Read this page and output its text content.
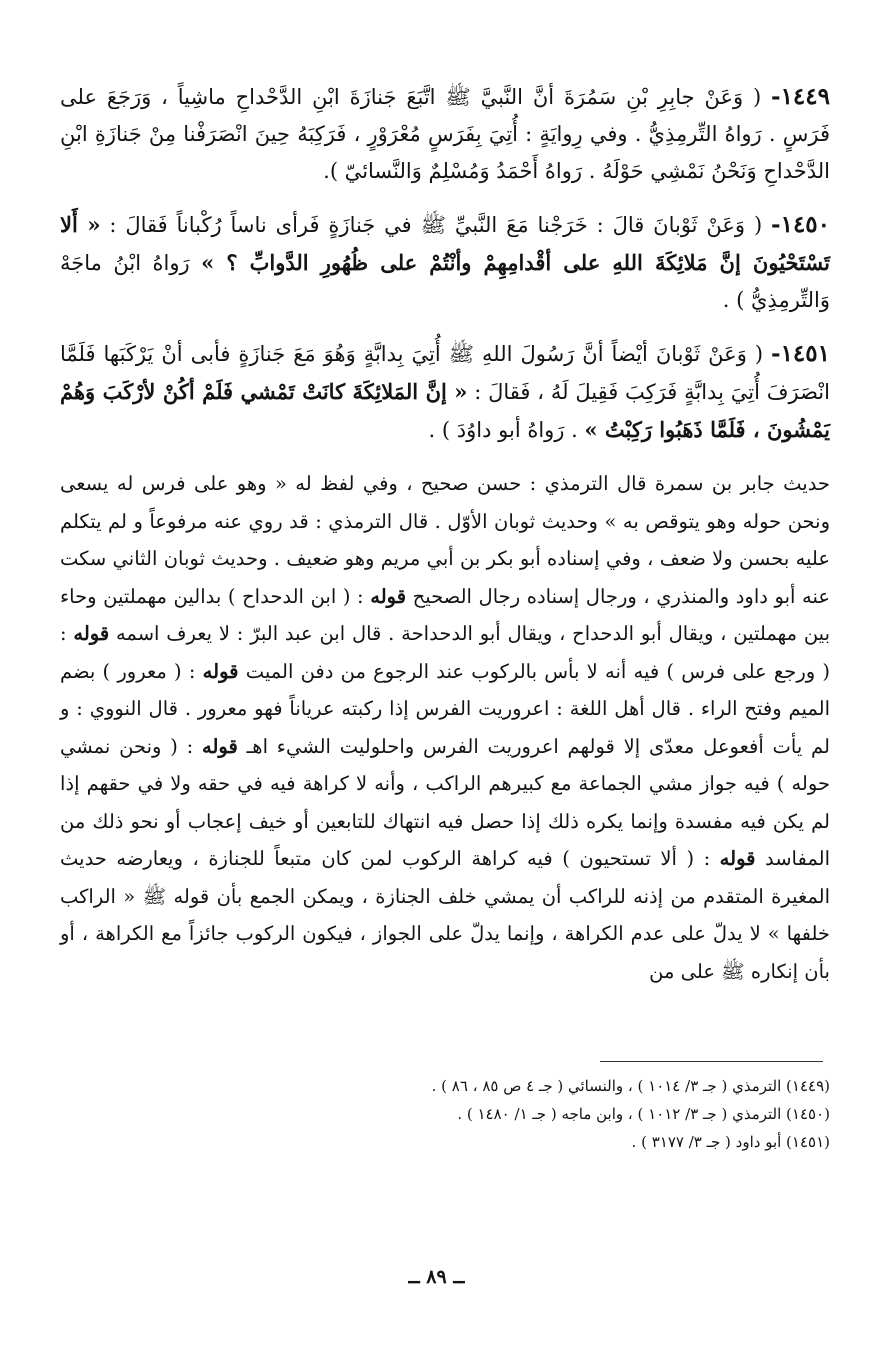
١٤٤٩- ( وَعَنْ جابِرِ بْنِ سَمُرَةَ أنَّ النَّبيَّ ﷺ اتَّبَعَ جَنازَةَ ابْنِ الدَّحْداحِ ماشِياً ، وَرَجَعَ على فَرَسٍ . رَواهُ التِّرمِذِيُّ . وفي رِوايَةٍ : أُتِيَ بِفَرَسٍ مُعْرَوْرٍ ، فَرَكِبَهُ حِينَ انْصَرَفْنا مِنْ جَنازَةِ ابْنِ الدَّحْداحِ وَنَحْنُ نَمْشِي حَوْلَهُ . رَواهُ أَحْمَدُ وَمُسْلِمٌ وَالنَّسائيّ ).
١٤٥٠- ( وَعَنْ ثَوْبانَ قالَ : خَرَجْنا مَعَ النَّبيِّ ﷺ في جَنازَةٍ فَرأى ناساً رُكْباناً فَقالَ : « أَلا تَسْتَحْيُونَ إنَّ مَلائِكَةَ اللهِ على أقْدامِهِمْ وأنْتُمْ على ظُهُورِ الدَّوابِّ ؟ » رَواهُ ابْنُ ماجَهْ وَالتِّرمِذِيُّ ) .
١٤٥١- ( وَعَنْ ثَوْبانَ أيْضاً أنَّ رَسُولَ اللهِ ﷺ أُتِيَ بِدابَّةٍ وَهُوَ مَعَ جَنازَةٍ فأبى أنْ يَرْكَبَها فَلَمَّا انْصَرَفَ أُتِيَ بِدابَّةٍ فَرَكِبَ فَقِيلَ لَهُ ، فَقالَ : « إنَّ المَلائِكَةَ كانَتْ تَمْشي فَلَمْ أكُنْ لأرْكَبَ وَهُمْ يَمْشُونَ ، فَلَمَّا ذَهَبُوا رَكِبْتُ » . رَواهُ أبو داوُدَ ) .

حديث جابر بن سمرة قال الترمذي : حسن صحيح ، وفي لفظ له « وهو على فرس له يسعى ونحن حوله وهو يتوقص به » وحديث ثوبان الأوّل . قال الترمذي : قد روي عنه مرفوعاً و لم يتكلم عليه بحسن ولا ضعف ، وفي إسناده أبو بكر بن أبي مريم وهو ضعيف . وحديث ثوبان الثاني سكت عنه أبو داود والمنذري ، ورجال إسناده رجال الصحيح قوله : ( ابن الدحداح ) بدالين مهملتين وحاء بين مهملتين ، ويقال أبو الدحداح ، ويقال أبو الدحداحة . قال ابن عبد البرّ : لا يعرف اسمه قوله : ( ورجع على فرس ) فيه أنه لا بأس بالركوب عند الرجوع من دفن الميت قوله : ( معرور ) بضم الميم وفتح الراء . قال أهل اللغة : اعروريت الفرس إذا ركبته عرياناً فهو معرور . قال النووي : و لم يأت أفعوعل معدّى إلا قولهم اعروريت الفرس واحلوليت الشيء اهـ قوله : ( ونحن نمشي حوله ) فيه جواز مشي الجماعة مع كبيرهم الراكب ، وأنه لا كراهة فيه في حقه ولا في حقهم إذا لم يكن فيه مفسدة وإنما يكره ذلك إذا حصل فيه انتهاك للتابعين أو خيف إعجاب أو نحو ذلك من المفاسد قوله : ( ألا تستحيون ) فيه كراهة الركوب لمن كان متبعاً للجنازة ، ويعارضه حديث المغيرة المتقدم من إذنه للراكب أن يمشي خلف الجنازة ، ويمكن الجمع بأن قوله ﷺ « الراكب خلفها » لا يدلّ على عدم الكراهة ، وإنما يدلّ على الجواز ، فيكون الركوب جائزاً مع الكراهة ، أو بأن إنكاره ﷺ على من

(١٤٤٩) الترمذي ( جـ ٣/ ١٠١٤ ) ، والنسائي ( جـ ٤ ص ٨٥ ، ٨٦ ) .
(١٤٥٠) الترمذي ( جـ ٣/ ١٠١٢ ) ، وابن ماجه ( جـ ١/ ١٤٨٠ ) .
(١٤٥١) أبو داود ( جـ ٣/ ٣١٧٧ ) .
ــ ٨٩ ــ
